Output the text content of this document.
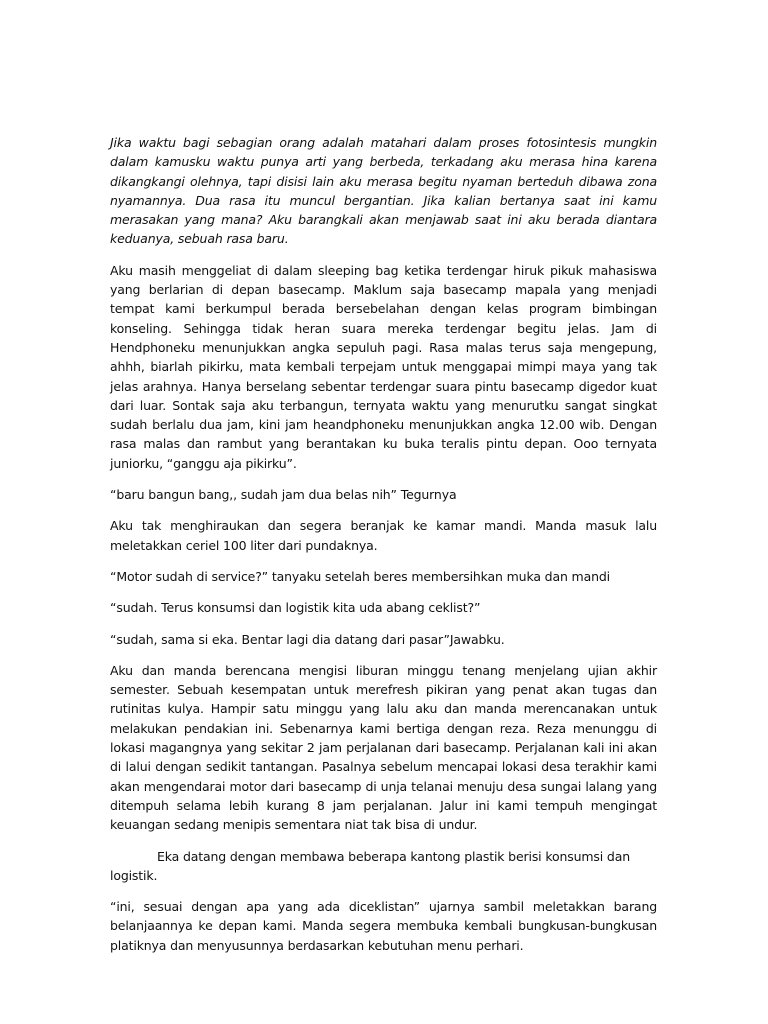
Jika waktu bagi sebagian orang adalah matahari dalam proses fotosintesis mungkin dalam kamusku waktu punya arti yang berbeda, terkadang aku merasa hina karena dikangkangi olehnya, tapi disisi lain aku merasa begitu nyaman berteduh dibawa zona nyamannya. Dua rasa itu muncul bergantian. Jika kalian bertanya saat ini kamu merasakan yang mana? Aku barangkali akan menjawab saat ini aku berada diantara keduanya, sebuah rasa baru.

Aku masih menggeliat di dalam sleeping bag ketika terdengar hiruk pikuk mahasiswa yang berlarian di depan basecamp. Maklum saja basecamp mapala yang menjadi tempat kami berkumpul berada bersebelahan dengan kelas program bimbingan konseling. Sehingga tidak heran suara mereka terdengar begitu jelas. Jam di Hendphoneku menunjukkan angka sepuluh pagi. Rasa malas terus saja mengepung, ahhh, biarlah pikirku, mata kembali terpejam untuk menggapai mimpi maya yang tak jelas arahnya. Hanya berselang sebentar terdengar suara pintu basecamp digedor kuat dari luar. Sontak saja aku terbangun, ternyata waktu yang menurutku sangat singkat sudah berlalu dua jam, kini jam heandphoneku menunjukkan angka 12.00 wib. Dengan rasa malas dan rambut yang berantakan ku buka teralis pintu depan. Ooo ternyata juniorku, “ganggu aja pikirku”.

“baru bangun bang,, sudah jam dua belas nih” Tegurnya

Aku tak menghiraukan dan segera beranjak ke kamar mandi. Manda masuk lalu meletakkan ceriel 100 liter dari pundaknya.

“Motor sudah di service?” tanyaku setelah beres membersihkan muka dan mandi

“sudah. Terus konsumsi dan logistik kita uda abang ceklist?”

“sudah, sama si eka. Bentar lagi dia datang dari pasar”Jawabku.

Aku dan manda berencana mengisi liburan minggu tenang menjelang ujian akhir semester. Sebuah kesempatan untuk merefresh pikiran yang penat akan tugas dan rutinitas kulya. Hampir satu minggu yang lalu aku dan manda merencanakan untuk melakukan pendakian ini. Sebenarnya kami bertiga dengan reza. Reza menunggu di lokasi magangnya yang sekitar 2 jam perjalanan dari basecamp. Perjalanan kali ini akan di lalui dengan sedikit tantangan. Pasalnya sebelum mencapai lokasi desa terakhir kami akan mengendarai motor dari basecamp di unja telanai menuju desa sungai lalang yang ditempuh selama lebih kurang 8 jam perjalanan. Jalur ini kami tempuh mengingat keuangan sedang menipis sementara niat tak bisa di undur.

Eka datang dengan membawa beberapa kantong plastik berisi konsumsi dan logistik.

“ini, sesuai dengan apa yang ada diceklistan” ujarnya sambil meletakkan barang belanjaannya ke depan kami. Manda segera membuka kembali bungkusan-bungkusan platiknya dan menyusunnya berdasarkan kebutuhan menu perhari.
